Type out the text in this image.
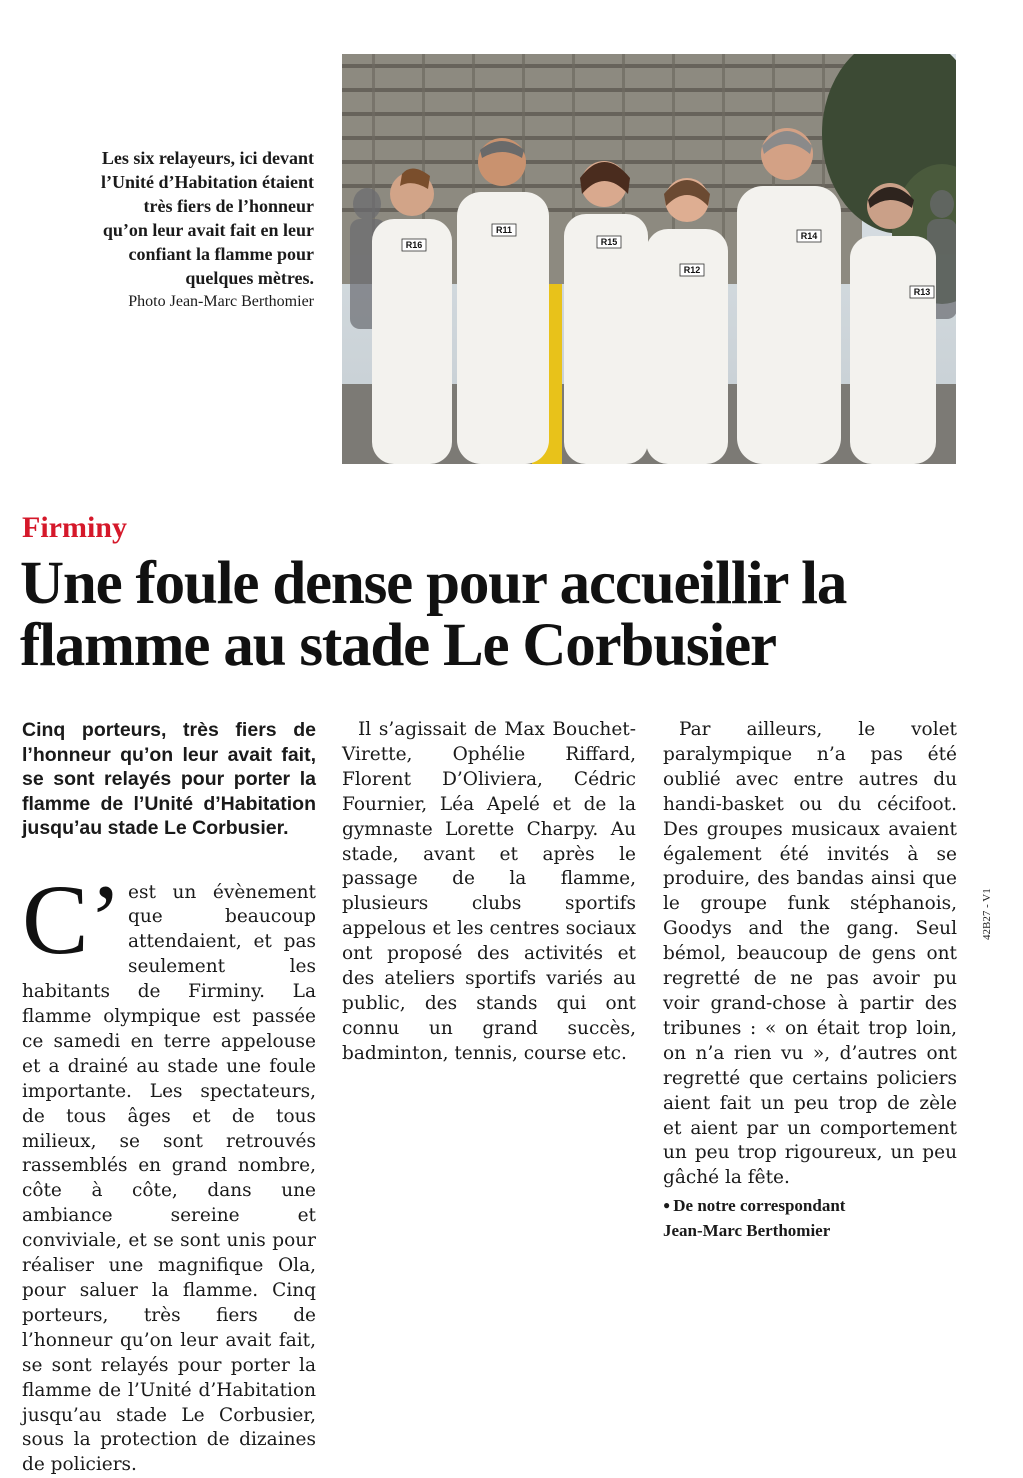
Les six relayeurs, ici devant l’Unité d’Habitation étaient très fiers de l’honneur qu’on leur avait fait en leur confiant la flamme pour quelques mètres.
Photo Jean-Marc Berthomier
R16
R11
R15
R12
R14
R13
Firminy
Une foule dense pour accueillir la flamme au stade Le Corbusier

Cinq porteurs, très fiers de l’honneur qu’on leur avait fait, se sont relayés pour porter la flamme de l’Unité d’Habitation jusqu’au stade Le Corbusier.

C’ est un évènement que beaucoup attendaient, et pas seulement les habitants de Firminy. La flamme olympique est passée ce samedi en terre appelouse et a drainé au stade une foule importante. Les spectateurs, de tous âges et de tous milieux, se sont retrouvés rassemblés en grand nombre, côte à côte, dans une ambiance sereine et conviviale, et se sont unis pour réaliser une magnifique Ola, pour saluer la flamme. Cinq porteurs, très fiers de l’honneur qu’on leur avait fait, se sont relayés pour porter la flamme de l’Unité d’Habitation jusqu’au stade Le Corbusier, sous la protection de dizaines de policiers.

Il s’agissait de Max Bouchet-Virette, Ophélie Riffard, Florent D’Oliviera, Cédric Fournier, Léa Apelé et de la gymnaste Lorette Charpy. Au stade, avant et après le passage de la flamme, plusieurs clubs sportifs appelous et les centres sociaux ont proposé des activités et des ateliers sportifs variés au public, des stands qui ont connu un grand succès, badminton, tennis, course etc.

Par ailleurs, le volet paralympique n’a pas été oublié avec entre autres du handi-basket ou du cécifoot. Des groupes musicaux avaient également été invités à se produire, des bandas ainsi que le groupe funk stéphanois, Goodys and the gang. Seul bémol, beaucoup de gens ont regretté de ne pas avoir pu voir grand-chose à partir des tribunes : « on était trop loin, on n’a rien vu », d’autres ont regretté que certains policiers aient fait un peu trop de zèle et aient par un comportement un peu trop rigoureux, un peu gâché la fête.

● De notre correspondant
Jean-Marc Berthomier
42B27 - V1
